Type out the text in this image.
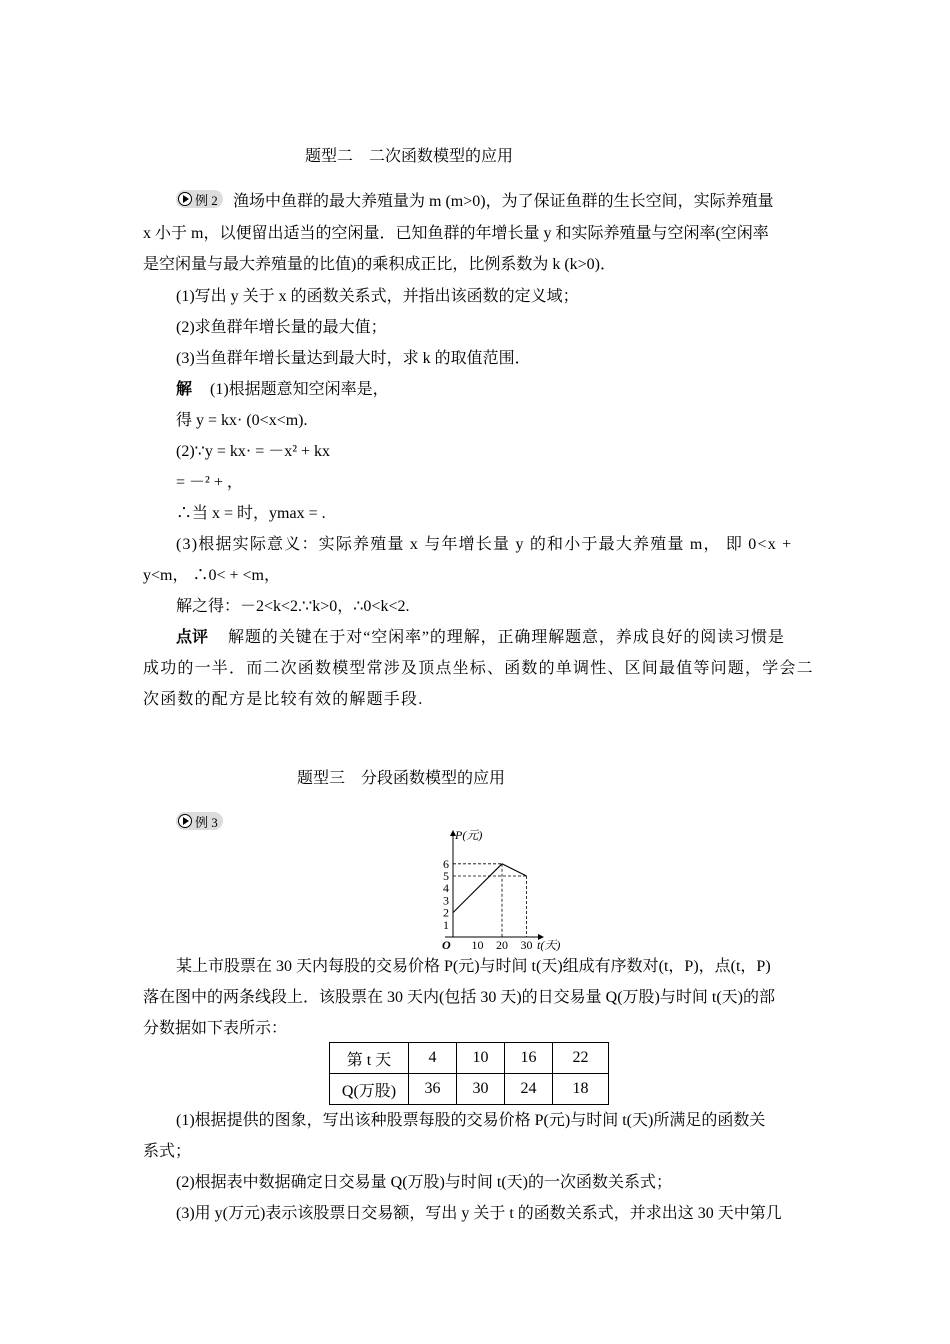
题型二　二次函数模型的应用
例 2 渔场中鱼群的最大养殖量为 m (m>0)，为了保证鱼群的生长空间，实际养殖量
x 小于 m，以便留出适当的空闲量．已知鱼群的年增长量 y 和实际养殖量与空闲率(空闲率
是空闲量与最大养殖量的比值)的乘积成正比，比例系数为 k (k>0)．
(1)写出 y 关于 x 的函数关系式，并指出该函数的定义域；
(2)求鱼群年增长量的最大值；
(3)当鱼群年增长量达到最大时，求 k 的取值范围．
解 (1)根据题意知空闲率是，
得 y = kx· (0<x<m).
(2)∵y = kx· = －x² + kx
= －² + ，
∴当 x = 时，ymax = .
(3)根据实际意义：实际养殖量 x 与年增长量 y 的和小于最大养殖量 m， 即 0<x +
y<m， ∴0< + <m，
解之得：－2<k<2.∵k>0，∴0<k<2.
点评 解题的关键在于对“空闲率”的理解，正确理解题意，养成良好的阅读习惯是
成功的一半．而二次函数模型常涉及顶点坐标、函数的单调性、区间最值等问题，学会二
次函数的配方是比较有效的解题手段.
题型三　分段函数模型的应用
例 3
P(元)
t(天)
O
1
2
3
4
5
6
10 20 30
某上市股票在 30 天内每股的交易价格 P(元)与时间 t(天)组成有序数对(t，P)，点(t，P)
落在图中的两条线段上．该股票在 30 天内(包括 30 天)的日交易量 Q(万股)与时间 t(天)的部
分数据如下表所示：
第 t 天	4	10	16	22
Q(万股)	36	30	24	18
(1)根据提供的图象，写出该种股票每股的交易价格 P(元)与时间 t(天)所满足的函数关
系式；
(2)根据表中数据确定日交易量 Q(万股)与时间 t(天)的一次函数关系式；
(3)用 y(万元)表示该股票日交易额，写出 y 关于 t 的函数关系式，并求出这 30 天中第几
